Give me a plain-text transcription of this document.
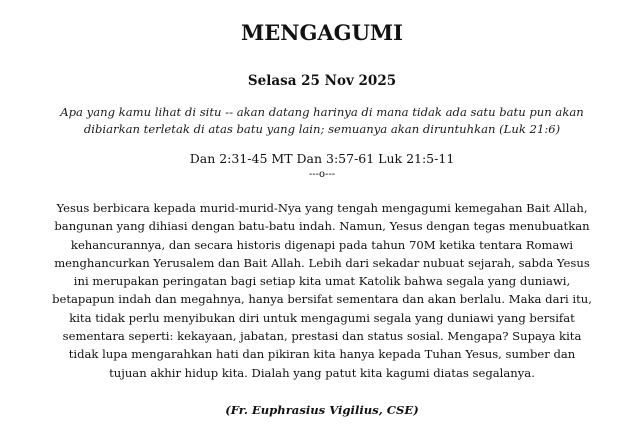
MENGAGUMI

Selasa 25 Nov 2025

Apa yang kamu lihat di situ -- akan datang harinya di mana tidak ada satu batu pun akan dibiarkan terletak di atas batu yang lain; semuanya akan diruntuhkan (Luk 21:6)

Dan 2:31-45 MT Dan 3:57-61 Luk 21:5-11

---o---

Yesus berbicara kepada murid-murid-Nya yang tengah mengagumi kemegahan Bait Allah, bangunan yang dihiasi dengan batu-batu indah. Namun, Yesus dengan tegas menubuatkan kehancurannya, dan secara historis digenapi pada tahun 70M ketika tentara Romawi menghancurkan Yerusalem dan Bait Allah. Lebih dari sekadar nubuat sejarah, sabda Yesus ini merupakan peringatan bagi setiap kita umat Katolik bahwa segala yang duniawi, betapapun indah dan megahnya, hanya bersifat sementara dan akan berlalu. Maka dari itu, kita tidak perlu menyibukan diri untuk mengagumi segala yang duniawi yang bersifat sementara seperti: kekayaan, jabatan, prestasi dan status sosial. Mengapa? Supaya kita tidak lupa mengarahkan hati dan pikiran kita hanya kepada Tuhan Yesus, sumber dan tujuan akhir hidup kita. Dialah yang patut kita kagumi diatas segalanya.

(Fr. Euphrasius Vigilius, CSE)
